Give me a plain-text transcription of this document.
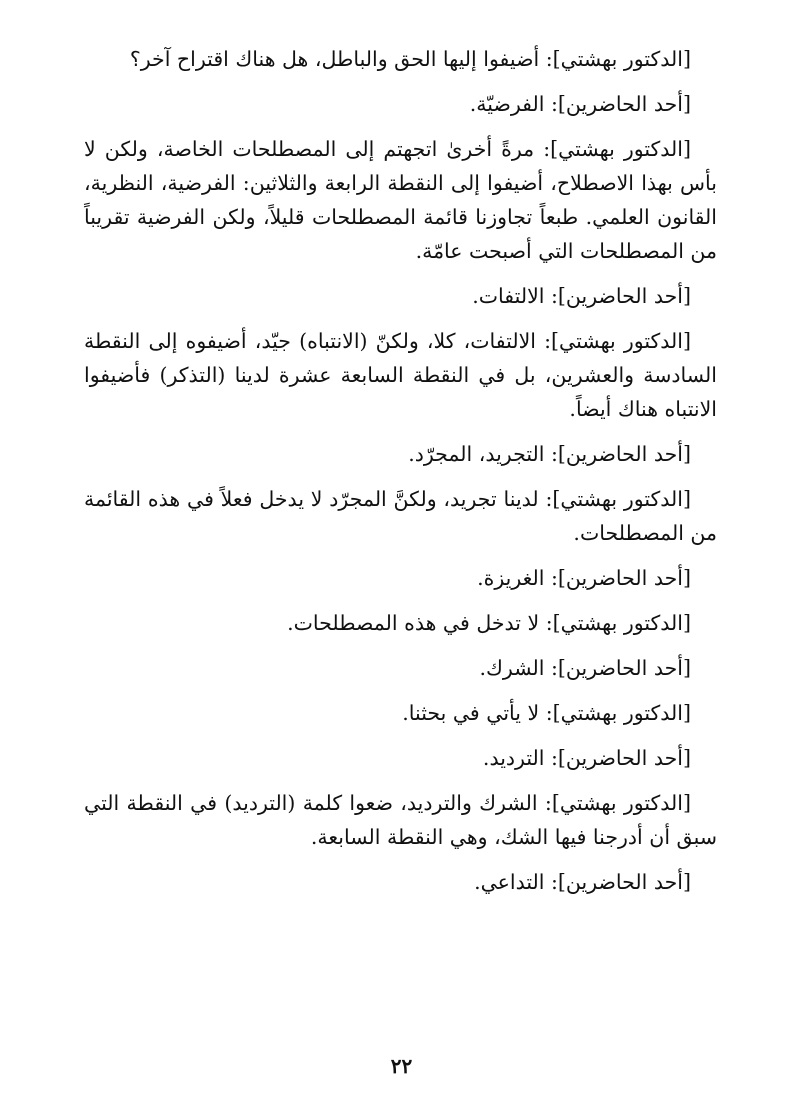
[الدكتور بهشتي]: أضيفوا إليها الحق والباطل، هل هناك اقتراح آخر؟

[أحد الحاضرين]: الفرضيّة.

[الدكتور بهشتي]: مرةً أخرىٰ اتجهتم إلى المصطلحات الخاصة، ولكن لا بأس بهذا الاصطلاح، أضيفوا إلى النقطة الرابعة والثلاثين: الفرضية، النظرية، القانون العلمي. طبعاً تجاوزنا قائمة المصطلحات قليلاً، ولكن الفرضية تقريباً من المصطلحات التي أصبحت عامّة.

[أحد الحاضرين]: الالتفات.

[الدكتور بهشتي]: الالتفات، كلا، ولكنّ (الانتباه) جيّد، أضيفوه إلى النقطة السادسة والعشرين، بل في النقطة السابعة عشرة لدينا (التذكر) فأضيفوا الانتباه هناك أيضاً.

[أحد الحاضرين]: التجريد، المجرّد.

[الدكتور بهشتي]: لدينا تجريد، ولكنَّ المجرّد لا يدخل فعلاً في هذه القائمة من المصطلحات.

[أحد الحاضرين]: الغريزة.

[الدكتور بهشتي]: لا تدخل في هذه المصطلحات.

[أحد الحاضرين]: الشرك.

[الدكتور بهشتي]: لا يأتي في بحثنا.

[أحد الحاضرين]: الترديد.

[الدكتور بهشتي]: الشرك والترديد، ضعوا كلمة (الترديد) في النقطة التي سبق أن أدرجنا فيها الشك، وهي النقطة السابعة.

[أحد الحاضرين]: التداعي.

٢٢
